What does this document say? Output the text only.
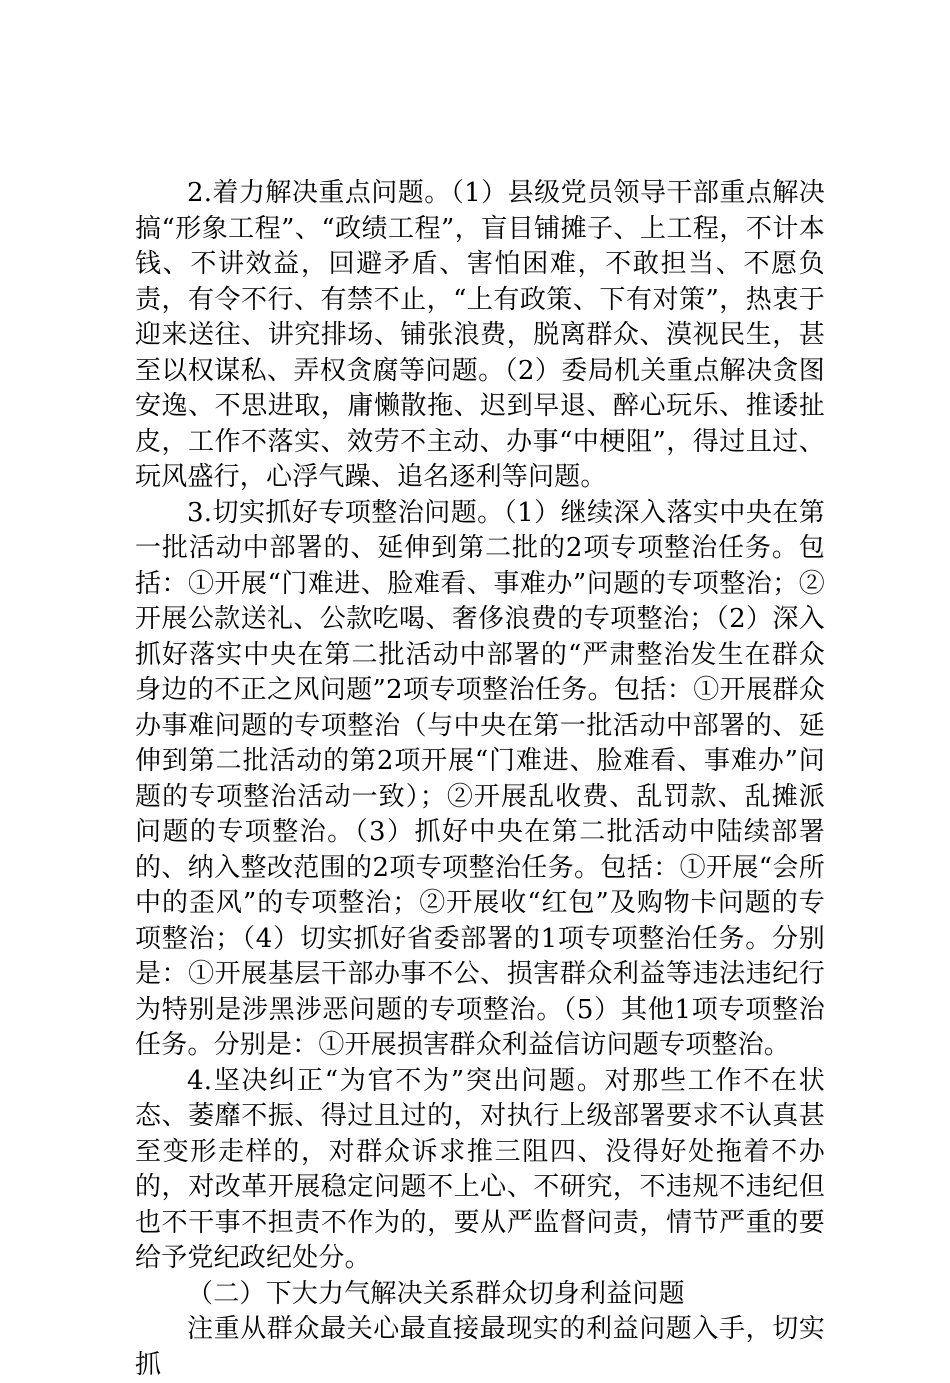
2.着力解决重点问题。（1）县级党员领导干部重点解决搞“形象工程”、“政绩工程”，盲目铺摊子、上工程，不计本钱、不讲效益，回避矛盾、害怕困难，不敢担当、不愿负责，有令不行、有禁不止，“上有政策、下有对策”，热衷于迎来送往、讲究排场、铺张浪费，脱离群众、漠视民生，甚至以权谋私、弄权贪腐等问题。（2）委局机关重点解决贪图安逸、不思进取，庸懒散拖、迟到早退、醉心玩乐、推诿扯皮，工作不落实、效劳不主动、办事“中梗阻”，得过且过、玩风盛行，心浮气躁、追名逐利等问题。

3.切实抓好专项整治问题。（1）继续深入落实中央在第一批活动中部署的、延伸到第二批的2项专项整治任务。包括：①开展“门难进、脸难看、事难办”问题的专项整治；②开展公款送礼、公款吃喝、奢侈浪费的专项整治；（2）深入抓好落实中央在第二批活动中部署的“严肃整治发生在群众身边的不正之风问题”2项专项整治任务。包括：①开展群众办事难问题的专项整治（与中央在第一批活动中部署的、延伸到第二批活动的第2项开展“门难进、脸难看、事难办”问题的专项整治活动一致）；②开展乱收费、乱罚款、乱摊派问题的专项整治。（3）抓好中央在第二批活动中陆续部署的、纳入整改范围的2项专项整治任务。包括：①开展“会所中的歪风”的专项整治；②开展收“红包”及购物卡问题的专项整治；（4）切实抓好省委部署的1项专项整治任务。分别是：①开展基层干部办事不公、损害群众利益等违法违纪行为特别是涉黑涉恶问题的专项整治。（5）其他1项专项整治任务。分别是：①开展损害群众利益信访问题专项整治。

4.坚决纠正“为官不为”突出问题。对那些工作不在状态、萎靡不振、得过且过的，对执行上级部署要求不认真甚至变形走样的，对群众诉求推三阻四、没得好处拖着不办的，对改革开展稳定问题不上心、不研究，不违规不违纪但也不干事不担责不作为的，要从严监督问责，情节严重的要给予党纪政纪处分。

（二）下大力气解决关系群众切身利益问题

注重从群众最关心最直接最现实的利益问题入手，切实抓
